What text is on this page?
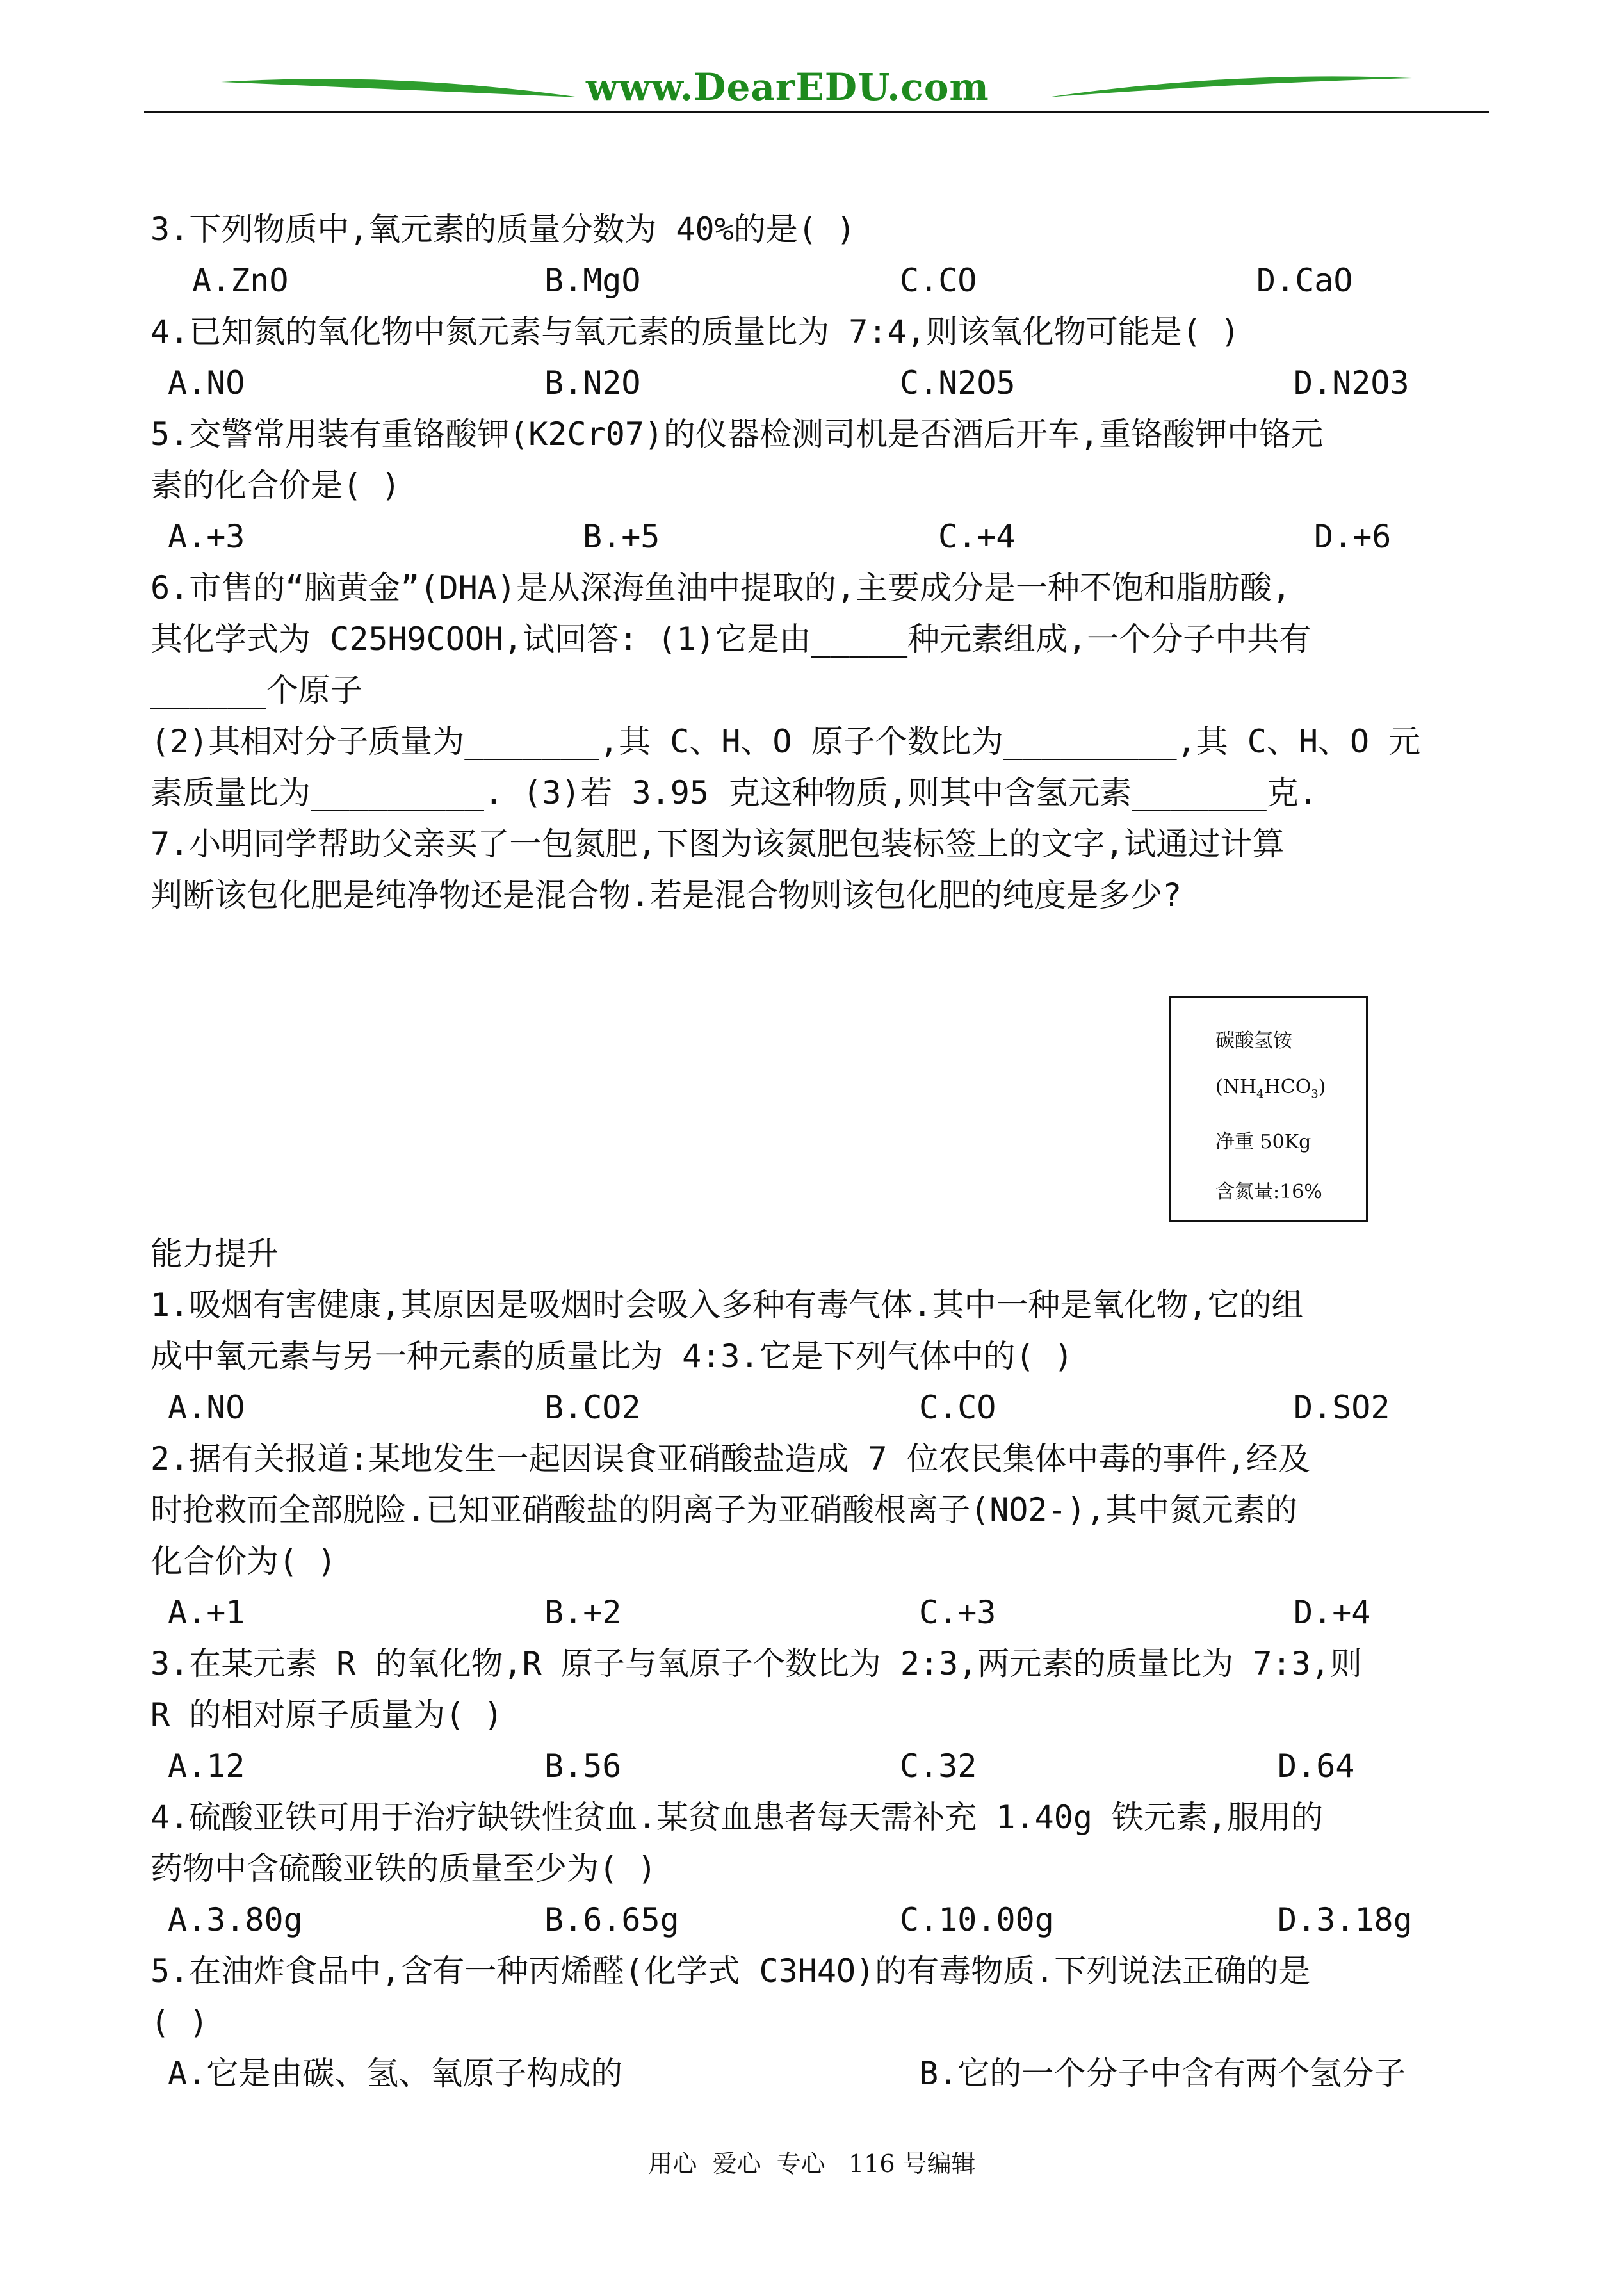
www.DearEDU.com
3.下列物质中,氧元素的质量分数为 40%的是( )
A.ZnO	B.MgO	C.CO	D.CaO
4.已知氮的氧化物中氮元素与氧元素的质量比为 7:4,则该氧化物可能是( )
A.NO	B.N2O	C.N2O5	D.N2O3
5.交警常用装有重铬酸钾(K2Cr07)的仪器检测司机是否酒后开车,重铬酸钾中铬元
素的化合价是( )
A.+3	B.+5	C.+4	D.+6
6.市售的“脑黄金”(DHA)是从深海鱼油中提取的,主要成分是一种不饱和脂肪酸,
其化学式为 C25H9COOH,试回答: (1)它是由_____种元素组成,一个分子中共有
______个原子
(2)其相对分子质量为_______,其 C、H、O 原子个数比为_________,其 C、H、O 元
素质量比为_________. (3)若 3.95 克这种物质,则其中含氢元素_______克.
7.小明同学帮助父亲买了一包氮肥,下图为该氮肥包装标签上的文字,试通过计算
判断该包化肥是纯净物还是混合物.若是混合物则该包化肥的纯度是多少?
碳酸氢铵
$(NH_4HCO_3)$
净重 50Kg
含氮量:16%
能力提升
1.吸烟有害健康,其原因是吸烟时会吸入多种有毒气体.其中一种是氧化物,它的组
成中氧元素与另一种元素的质量比为 4:3.它是下列气体中的( )
A.NO	B.CO2	C.CO	D.SO2
2.据有关报道:某地发生一起因误食亚硝酸盐造成 7 位农民集体中毒的事件,经及
时抢救而全部脱险.已知亚硝酸盐的阴离子为亚硝酸根离子(NO2-),其中氮元素的
化合价为( )
A.+1	B.+2	C.+3	D.+4
3.在某元素 R 的氧化物,R 原子与氧原子个数比为 2:3,两元素的质量比为 7:3,则
R 的相对原子质量为( )
A.12	B.56	C.32	D.64
4.硫酸亚铁可用于治疗缺铁性贫血.某贫血患者每天需补充 1.40g 铁元素,服用的
药物中含硫酸亚铁的质量至少为( )
A.3.80g	B.6.65g	C.10.00g	D.3.18g
5.在油炸食品中,含有一种丙烯醛(化学式 C3H4O)的有毒物质.下列说法正确的是
( )
A.它是由碳、氢、氧原子构成的	B.它的一个分子中含有两个氢分子
用心  爱心  专心   116 号编辑
